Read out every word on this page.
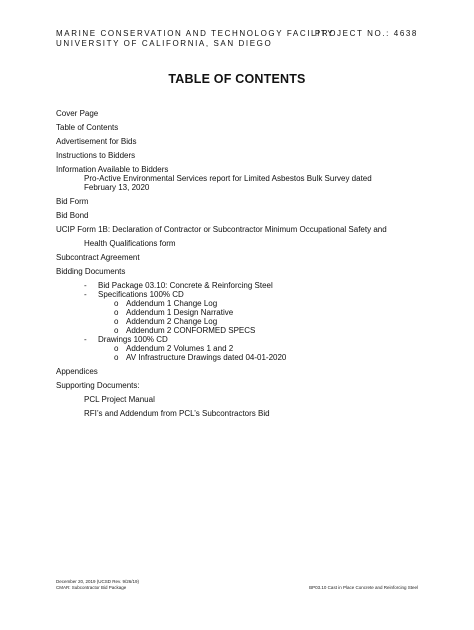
MARINE CONSERVATION AND TECHNOLOGY FACILITY
UNIVERSITY OF CALIFORNIA, SAN DIEGO
PROJECT NO.: 4638
TABLE OF CONTENTS
Cover Page
Table of Contents
Advertisement for Bids
Instructions to Bidders
Information Available to Bidders
Pro-Active Environmental Services report for Limited Asbestos Bulk Survey dated
February 13, 2020
Bid Form
Bid Bond
UCIP Form 1B: Declaration of Contractor or Subcontractor Minimum Occupational Safety and
Health Qualifications form
Subcontract Agreement
Bidding Documents
- Bid Package 03.10: Concrete & Reinforcing Steel
- Specifications 100% CD
o Addendum 1 Change Log
o Addendum 1 Design Narrative
o Addendum 2 Change Log
o Addendum 2 CONFORMED SPECS
- Drawings 100% CD
o Addendum 2 Volumes 1 and 2
o AV Infrastructure Drawings dated 04-01-2020
Appendices
Supporting Documents:
PCL Project Manual
RFI’s and Addendum from PCL’s Subcontractors Bid
December 20, 2019 (UCSD Rev. 9/26/19)
CMAR: Subcontractor Bid Package	BP03.10 Cast in Place Concrete and Reinforcing Steel
